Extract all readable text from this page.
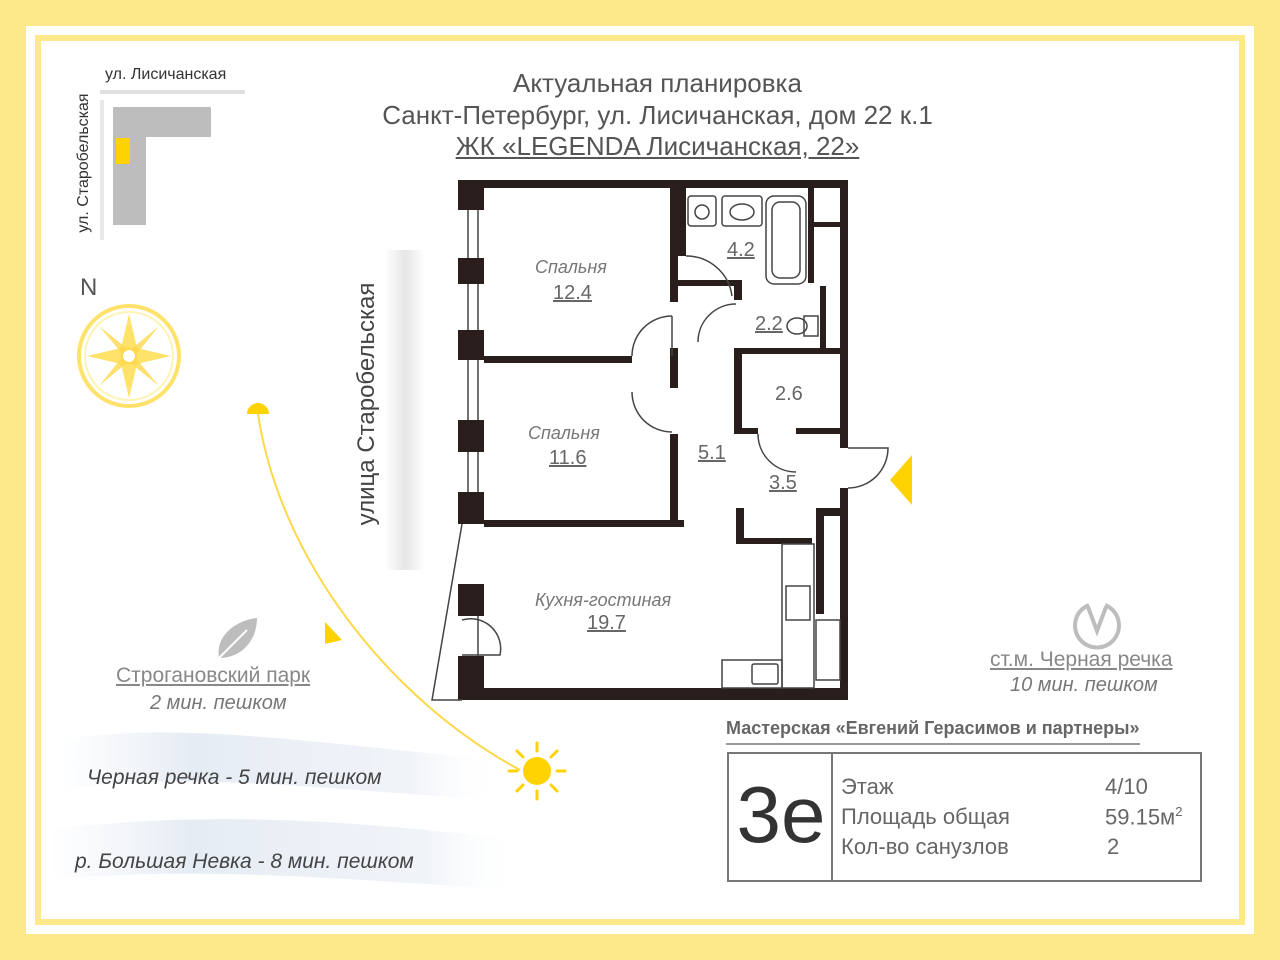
Актуальная планировка
Санкт-Петербург, ул. Лисичанская, дом 22 к.1
ЖК «LEGENDA Лисичанская, 22»
ул. Лисичанская
ул. Старобельская
N	улица Старобельская
Спальня
12.4
Спальня
11.6
Кухня-гостиная
19.7
4.2
2.2
2.6
5.1
3.5
Строгановский парк
2 мин. пешком
ст.м. Черная речка
10 мин. пешком
Черная речка - 5 мин. пешком
р. Большая Невка - 8 мин. пешком
Мастерская «Евгений Герасимов и партнеры»
3е Этаж	4/10
Площадь общая	$59.15м^2$
Кол-во санузлов	2
